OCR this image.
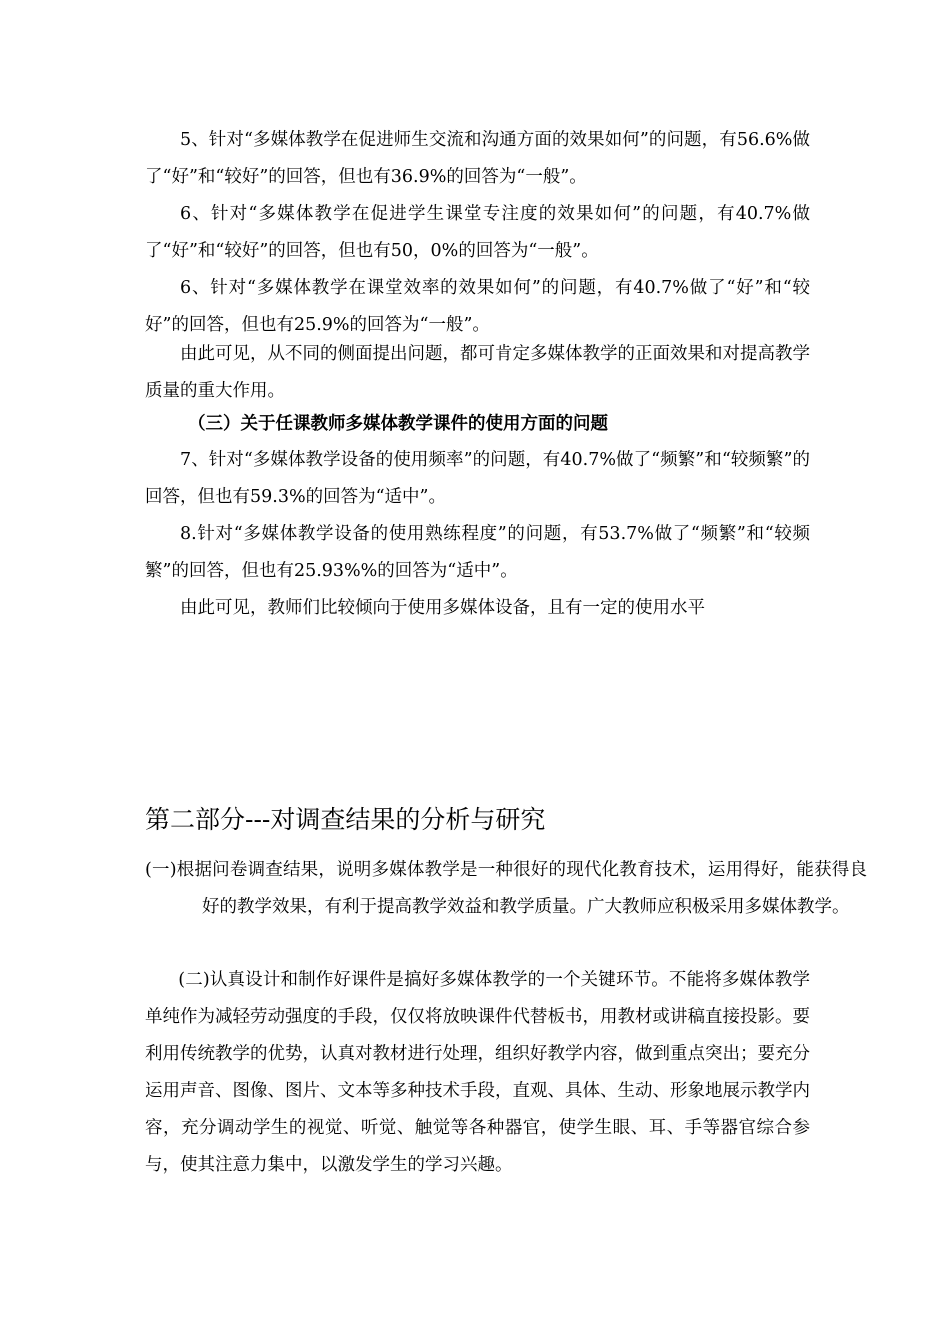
5、针对“多媒体教学在促进师生交流和沟通方面的效果如何”的问题，有56.6%做了“好”和“较好”的回答，但也有36.9%的回答为“一般”。

6、针对“多媒体教学在促进学生课堂专注度的效果如何”的问题，有40.7%做了“好”和“较好”的回答，但也有50，0%的回答为“一般”。

6、针对“多媒体教学在课堂效率的效果如何”的问题，有40.7%做了“好”和“较好”的回答，但也有25.9%的回答为“一般”。

由此可见，从不同的侧面提出问题，都可肯定多媒体教学的正面效果和对提高教学质量的重大作用。

（三）关于任课教师多媒体教学课件的使用方面的问题

7、针对“多媒体教学设备的使用频率”的问题，有40.7%做了“频繁”和“较频繁”的回答，但也有59.3%的回答为“适中”。

8.针对“多媒体教学设备的使用熟练程度”的问题，有53.7%做了“频繁”和“较频繁”的回答，但也有25.93%%的回答为“适中”。

由此可见，教师们比较倾向于使用多媒体设备，且有一定的使用水平

第二部分---对调查结果的分析与研究

(一)根据问卷调查结果，说明多媒体教学是一种很好的现代化教育技术，运用得好，能获得良好的教学效果，有利于提高教学效益和教学质量。广大教师应积极采用多媒体教学。

(二)认真设计和制作好课件是搞好多媒体教学的一个关键环节。不能将多媒体教学单纯作为减轻劳动强度的手段，仅仅将放映课件代替板书，用教材或讲稿直接投影。要利用传统教学的优势，认真对教材进行处理，组织好教学内容，做到重点突出；要充分运用声音、图像、图片、文本等多种技术手段，直观、具体、生动、形象地展示教学内容，充分调动学生的视觉、听觉、触觉等各种器官，使学生眼、耳、手等器官综合参与，使其注意力集中，以激发学生的学习兴趣。
